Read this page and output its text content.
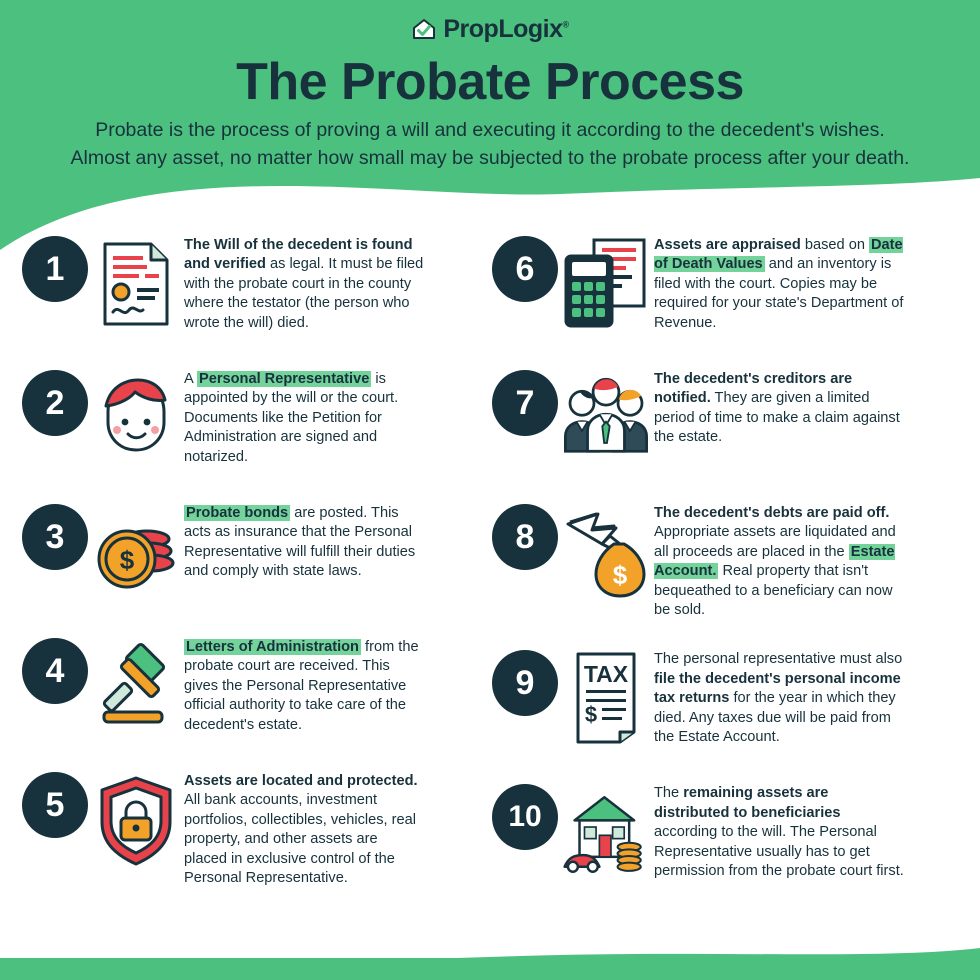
PropLogix®
The Probate Process

Probate is the process of proving a will and executing it according to the decedent's wishes. Almost any asset, no matter how small may be subjected to the probate process after your death.

1
The Will of the decedent is found and verified as legal. It must be filed with the probate court in the county where the testator (the person who wrote the will) died.
2
A Personal Representative is appointed by the will or the court. Documents like the Petition for Administration are signed and notarized.
3
$
Probate bonds are posted. This acts as insurance that the Personal Representative will fulfill their duties and comply with state laws.
4
Letters of Administration from the probate court are received. This gives the Personal Representative official authority to take care of the decedent's estate.
5
Assets are located and protected. All bank accounts, investment portfolios, collectibles, vehicles, real property, and other assets are placed in exclusive control of the Personal Representative.
6
Assets are appraised based on Date of Death Values and an inventory is filed with the court. Copies may be required for your state's Department of Revenue.
7
The decedent's creditors are notified. They are given a limited period of time to make a claim against the estate.
8
$
The decedent's debts are paid off. Appropriate assets are liquidated and all proceeds are placed in the Estate Account. Real property that isn't bequeathed to a beneficiary can now be sold.
9	TAX
$
The personal representative must also file the decedent's personal income tax returns for the year in which they died. Any taxes due will be paid from the Estate Account.
10
The remaining assets are distributed to beneficiaries according to the will. The Personal Representative usually has to get permission from the probate court first.
